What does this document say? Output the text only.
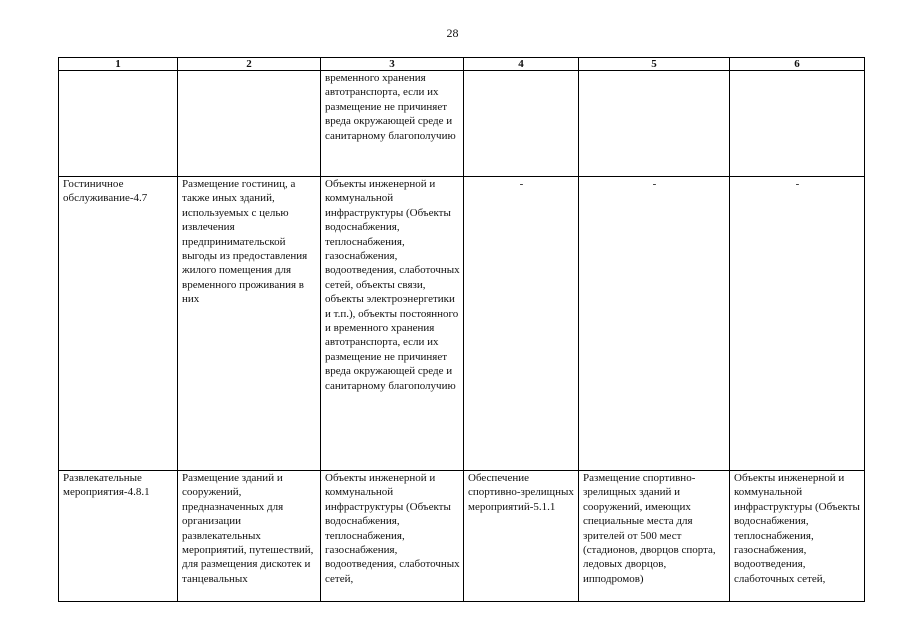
28
1	2	3	4	5	6

		временного хранения автотранспорта, если их размещение не причиняет вреда окружающей среде и санитарному благополучию			

Гостиничное обслуживание-4.7	Размещение гостиниц, а также иных зданий, используемых с целью извлечения предпринимательской выгоды из предоставления жилого помещения для временного проживания в них	Объекты инженерной и коммунальной инфраструктуры (Объекты водоснабжения, теплоснабжения, газоснабжения, водоотведения, слаботочных сетей, объекты связи, объекты электроэнергетики и т.п.), объекты постоянного и временного хранения автотранспорта, если их размещение не причиняет вреда окружающей среде и санитарному благополучию	-	-	-

Развлекательные мероприятия-4.8.1	Размещение зданий и сооружений, предназначенных для организации развлекательных мероприятий, путешествий, для размещения дискотек и танцевальных	Объекты инженерной и коммунальной инфраструктуры (Объекты водоснабжения, теплоснабжения, газоснабжения, водоотведения, слаботочных сетей,	Обеспечение спортивно-зрелищных мероприятий-5.1.1	Размещение спортивно-зрелищных зданий и сооружений, имеющих специальные места для зрителей от 500 мест (стадионов, дворцов спорта, ледовых дворцов, ипподромов)	Объекты инженерной и коммунальной инфраструктуры (Объекты водоснабжения, теплоснабжения, газоснабжения, водоотведения, слаботочных сетей,
